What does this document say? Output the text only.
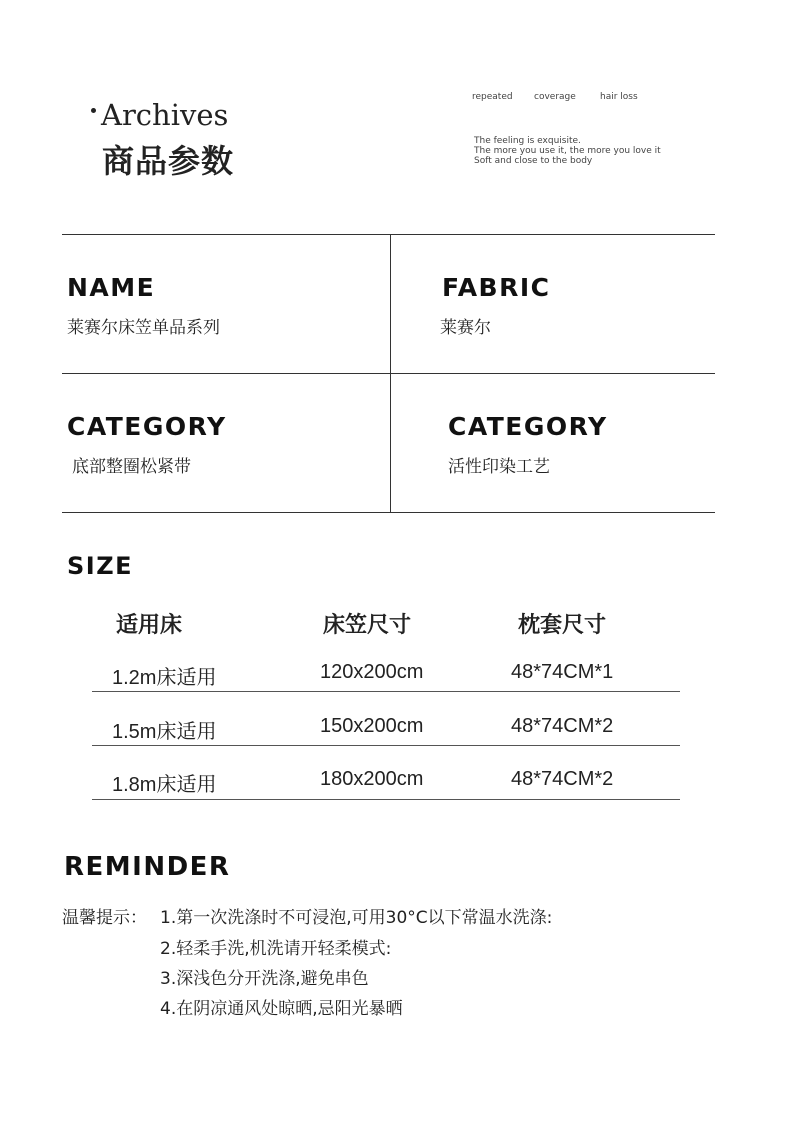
Archives
商品参数
repeated coverage	hair loss
The feeling is exquisite.
The more you use it, the more you love it
Soft and close to the body
NAME
莱赛尔床笠单品系列
FABRIC
莱赛尔
CATEGORY
底部整圈松紧带
CATEGORY
活性印染工艺
SIZE
适用床	床笠尺寸	枕套尺寸
1.2m床适用	120x200cm	48*74CM*1
1.5m床适用	150x200cm	48*74CM*2
1.8m床适用	180x200cm	48*74CM*2
REMINDER
温馨提示： 1.第一次洗涤时不可浸泡,可用30°C以下常温水洗涤:
2.轻柔手洗,机洗请开轻柔模式:
3.深浅色分开洗涤,避免串色
4.在阴凉通风处晾晒,忌阳光暴晒
